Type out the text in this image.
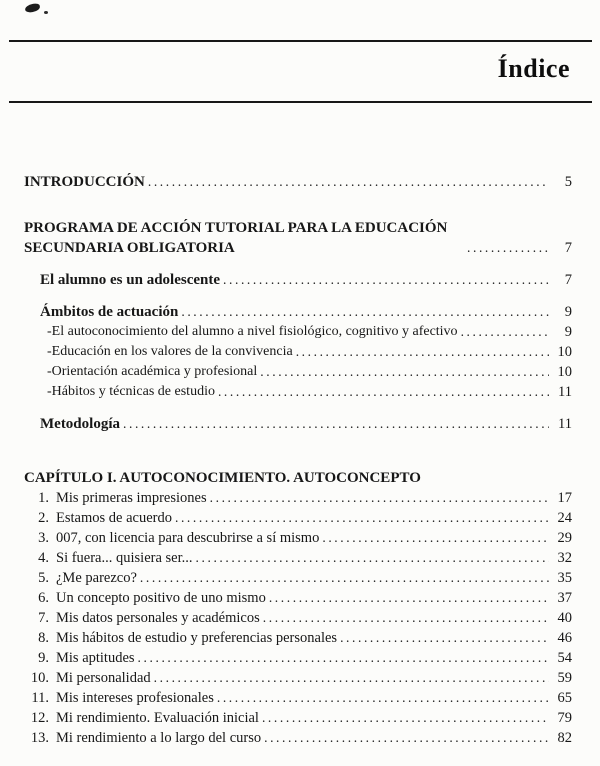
Índice
INTRODUCCIÓN .....	5
PROGRAMA DE ACCIÓN TUTORIAL PARA LA EDUCACIÓN SECUNDARIA OBLIGATORIA .....	7
El alumno es un adolescente .....	7
Ámbitos de actuación .....	9
-El autoconocimiento del alumno a nivel fisiológico, cognitivo y afectivo .....	9
-Educación en los valores de la convivencia .....	10
-Orientación académica y profesional .....	10
-Hábitos y técnicas de estudio .....	11
Metodología .....	11
CAPÍTULO I. AUTOCONOCIMIENTO. AUTOCONCEPTO
1. Mis primeras impresiones .....	17
2. Estamos de acuerdo .....	24
3. 007, con licencia para descubrirse a sí mismo .....	29
4. Si fuera... quisiera ser... .....	32
5. ¿Me parezco? .....	35
6. Un concepto positivo de uno mismo .....	37
7. Mis datos personales y académicos .....	40
8. Mis hábitos de estudio y preferencias personales .....	46
9. Mis aptitudes .....	54
10. Mi personalidad .....	59
11. Mis intereses profesionales .....	65
12. Mi rendimiento. Evaluación inicial .....	79
13. Mi rendimiento a lo largo del curso .....	82
